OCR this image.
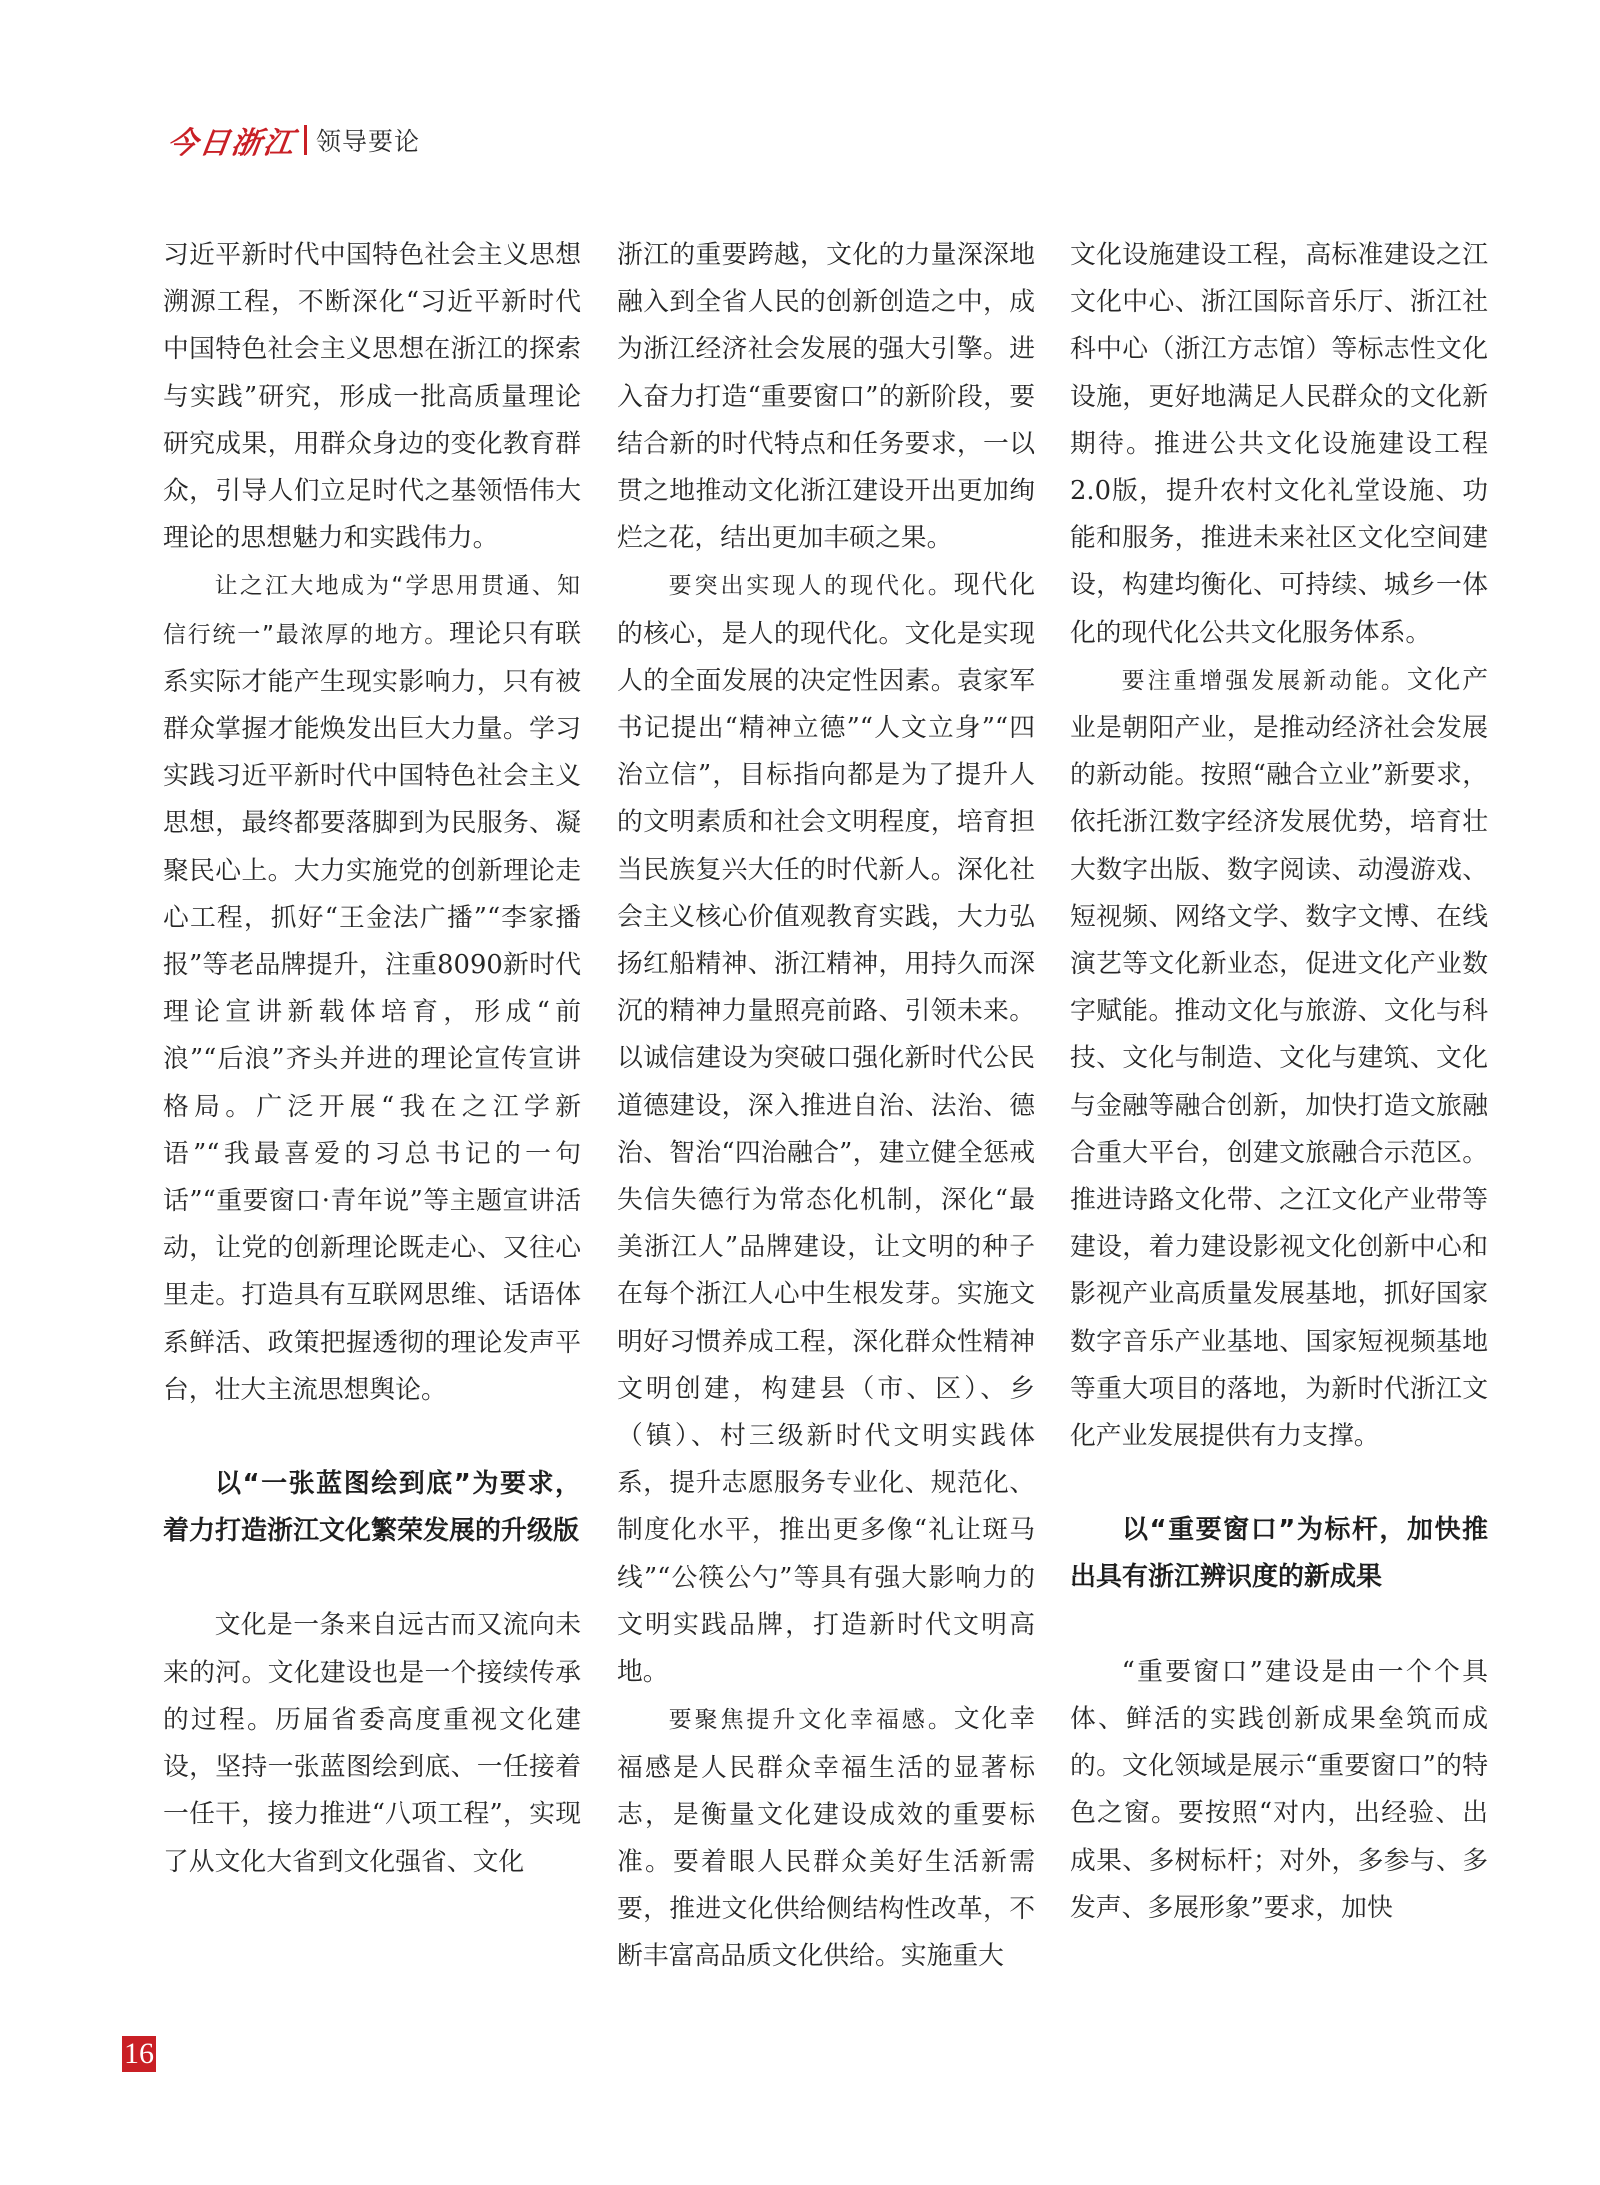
今日浙江 领导要论

习近平新时代中国特色社会主义思想溯源工程，不断深化“习近平新时代中国特色社会主义思想在浙江的探索与实践”研究，形成一批高质量理论研究成果，用群众身边的变化教育群众，引导人们立足时代之基领悟伟大理论的思想魅力和实践伟力。

让之江大地成为“学思用贯通、知信行统一”最浓厚的地方。理论只有联系实际才能产生现实影响力，只有被群众掌握才能焕发出巨大力量。学习实践习近平新时代中国特色社会主义思想，最终都要落脚到为民服务、凝聚民心上。大力实施党的创新理论走心工程，抓好“王金法广播”“李家播报”等老品牌提升，注重8090新时代理论宣讲新载体培育，形成“前浪”“后浪”齐头并进的理论宣传宣讲格局。广泛开展“我在之江学新语”“我最喜爱的习总书记的一句话”“重要窗口·青年说”等主题宣讲活动，让党的创新理论既走心、又往心里走。打造具有互联网思维、话语体系鲜活、政策把握透彻的理论发声平台，壮大主流思想舆论。

以“一张蓝图绘到底”为要求，着力打造浙江文化繁荣发展的升级版

文化是一条来自远古而又流向未来的河。文化建设也是一个接续传承的过程。历届省委高度重视文化建设，坚持一张蓝图绘到底、一任接着一任干，接力推进“八项工程”，实现了从文化大省到文化强省、文化

浙江的重要跨越，文化的力量深深地融入到全省人民的创新创造之中，成为浙江经济社会发展的强大引擎。进入奋力打造“重要窗口”的新阶段，要结合新的时代特点和任务要求，一以贯之地推动文化浙江建设开出更加绚烂之花，结出更加丰硕之果。

要突出实现人的现代化。现代化的核心，是人的现代化。文化是实现人的全面发展的决定性因素。袁家军书记提出“精神立德”“人文立身”“四治立信”，目标指向都是为了提升人的文明素质和社会文明程度，培育担当民族复兴大任的时代新人。深化社会主义核心价值观教育实践，大力弘扬红船精神、浙江精神，用持久而深沉的精神力量照亮前路、引领未来。以诚信建设为突破口强化新时代公民道德建设，深入推进自治、法治、德治、智治“四治融合”，建立健全惩戒失信失德行为常态化机制，深化“最美浙江人”品牌建设，让文明的种子在每个浙江人心中生根发芽。实施文明好习惯养成工程，深化群众性精神文明创建，构建县（市、区）、乡（镇）、村三级新时代文明实践体系，提升志愿服务专业化、规范化、制度化水平，推出更多像“礼让斑马线”“公筷公勺”等具有强大影响力的文明实践品牌，打造新时代文明高地。

要聚焦提升文化幸福感。文化幸福感是人民群众幸福生活的显著标志，是衡量文化建设成效的重要标准。要着眼人民群众美好生活新需要，推进文化供给侧结构性改革，不断丰富高品质文化供给。实施重大

文化设施建设工程，高标准建设之江文化中心、浙江国际音乐厅、浙江社科中心（浙江方志馆）等标志性文化设施，更好地满足人民群众的文化新期待。推进公共文化设施建设工程2.0版，提升农村文化礼堂设施、功能和服务，推进未来社区文化空间建设，构建均衡化、可持续、城乡一体化的现代化公共文化服务体系。

要注重增强发展新动能。文化产业是朝阳产业，是推动经济社会发展的新动能。按照“融合立业”新要求，依托浙江数字经济发展优势，培育壮大数字出版、数字阅读、动漫游戏、短视频、网络文学、数字文博、在线演艺等文化新业态，促进文化产业数字赋能。推动文化与旅游、文化与科技、文化与制造、文化与建筑、文化与金融等融合创新，加快打造文旅融合重大平台，创建文旅融合示范区。推进诗路文化带、之江文化产业带等建设，着力建设影视文化创新中心和影视产业高质量发展基地，抓好国家数字音乐产业基地、国家短视频基地等重大项目的落地，为新时代浙江文化产业发展提供有力支撑。

以“重要窗口”为标杆，加快推出具有浙江辨识度的新成果

“重要窗口”建设是由一个个具体、鲜活的实践创新成果垒筑而成的。文化领域是展示“重要窗口”的特色之窗。要按照“对内，出经验、出成果、多树标杆；对外，多参与、多发声、多展形象”要求，加快

16
